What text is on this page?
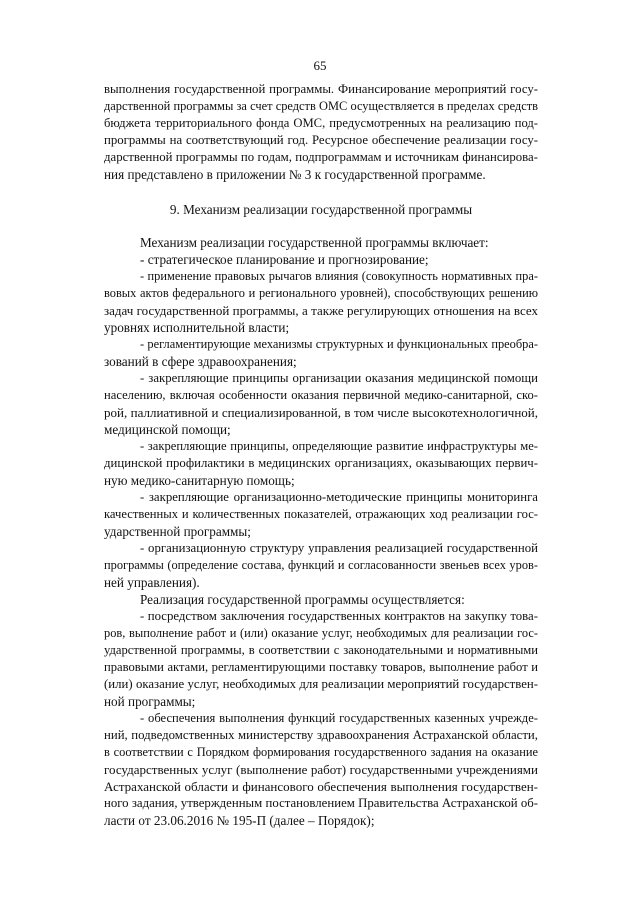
65
выполнения государственной программы. Финансирование мероприятий госу-
дарственной программы за счет средств ОМС осуществляется в пределах средств
бюджета территориального фонда ОМС, предусмотренных на реализацию под-
программы на соответствующий год. Ресурсное обеспечение реализации госу-
дарственной программы по годам, подпрограммам и источникам финансирова-
ния представлено в приложении № 3 к государственной программе.
9. Механизм реализации государственной программы
Механизм реализации государственной программы включает:
- стратегическое планирование и прогнозирование;
- применение правовых рычагов влияния (совокупность нормативных пра-
вовых актов федерального и регионального уровней), способствующих решению
задач государственной программы, а также регулирующих отношения на всех
уровнях исполнительной власти;
- регламентирующие механизмы структурных и функциональных преобра-
зований в сфере здравоохранения;
- закрепляющие принципы организации оказания медицинской помощи
населению, включая особенности оказания первичной медико-санитарной, ско-
рой, паллиативной и специализированной, в том числе высокотехнологичной,
медицинской помощи;
- закрепляющие принципы, определяющие развитие инфраструктуры ме-
дицинской профилактики в медицинских организациях, оказывающих первич-
ную медико-санитарную помощь;
- закрепляющие организационно-методические принципы мониторинга
качественных и количественных показателей, отражающих ход реализации гос-
ударственной программы;
- организационную структуру управления реализацией государственной
программы (определение состава, функций и согласованности звеньев всех уров-
ней управления).
Реализация государственной программы осуществляется:
- посредством заключения государственных контрактов на закупку това-
ров, выполнение работ и (или) оказание услуг, необходимых для реализации гос-
ударственной программы, в соответствии с законодательными и нормативными
правовыми актами, регламентирующими поставку товаров, выполнение работ и
(или) оказание услуг, необходимых для реализации мероприятий государствен-
ной программы;
- обеспечения выполнения функций государственных казенных учрежде-
ний, подведомственных министерству здравоохранения Астраханской области,
в соответствии с Порядком формирования государственного задания на оказание
государственных услуг (выполнение работ) государственными учреждениями
Астраханской области и финансового обеспечения выполнения государствен-
ного задания, утвержденным постановлением Правительства Астраханской об-
ласти от 23.06.2016 № 195-П (далее – Порядок);
